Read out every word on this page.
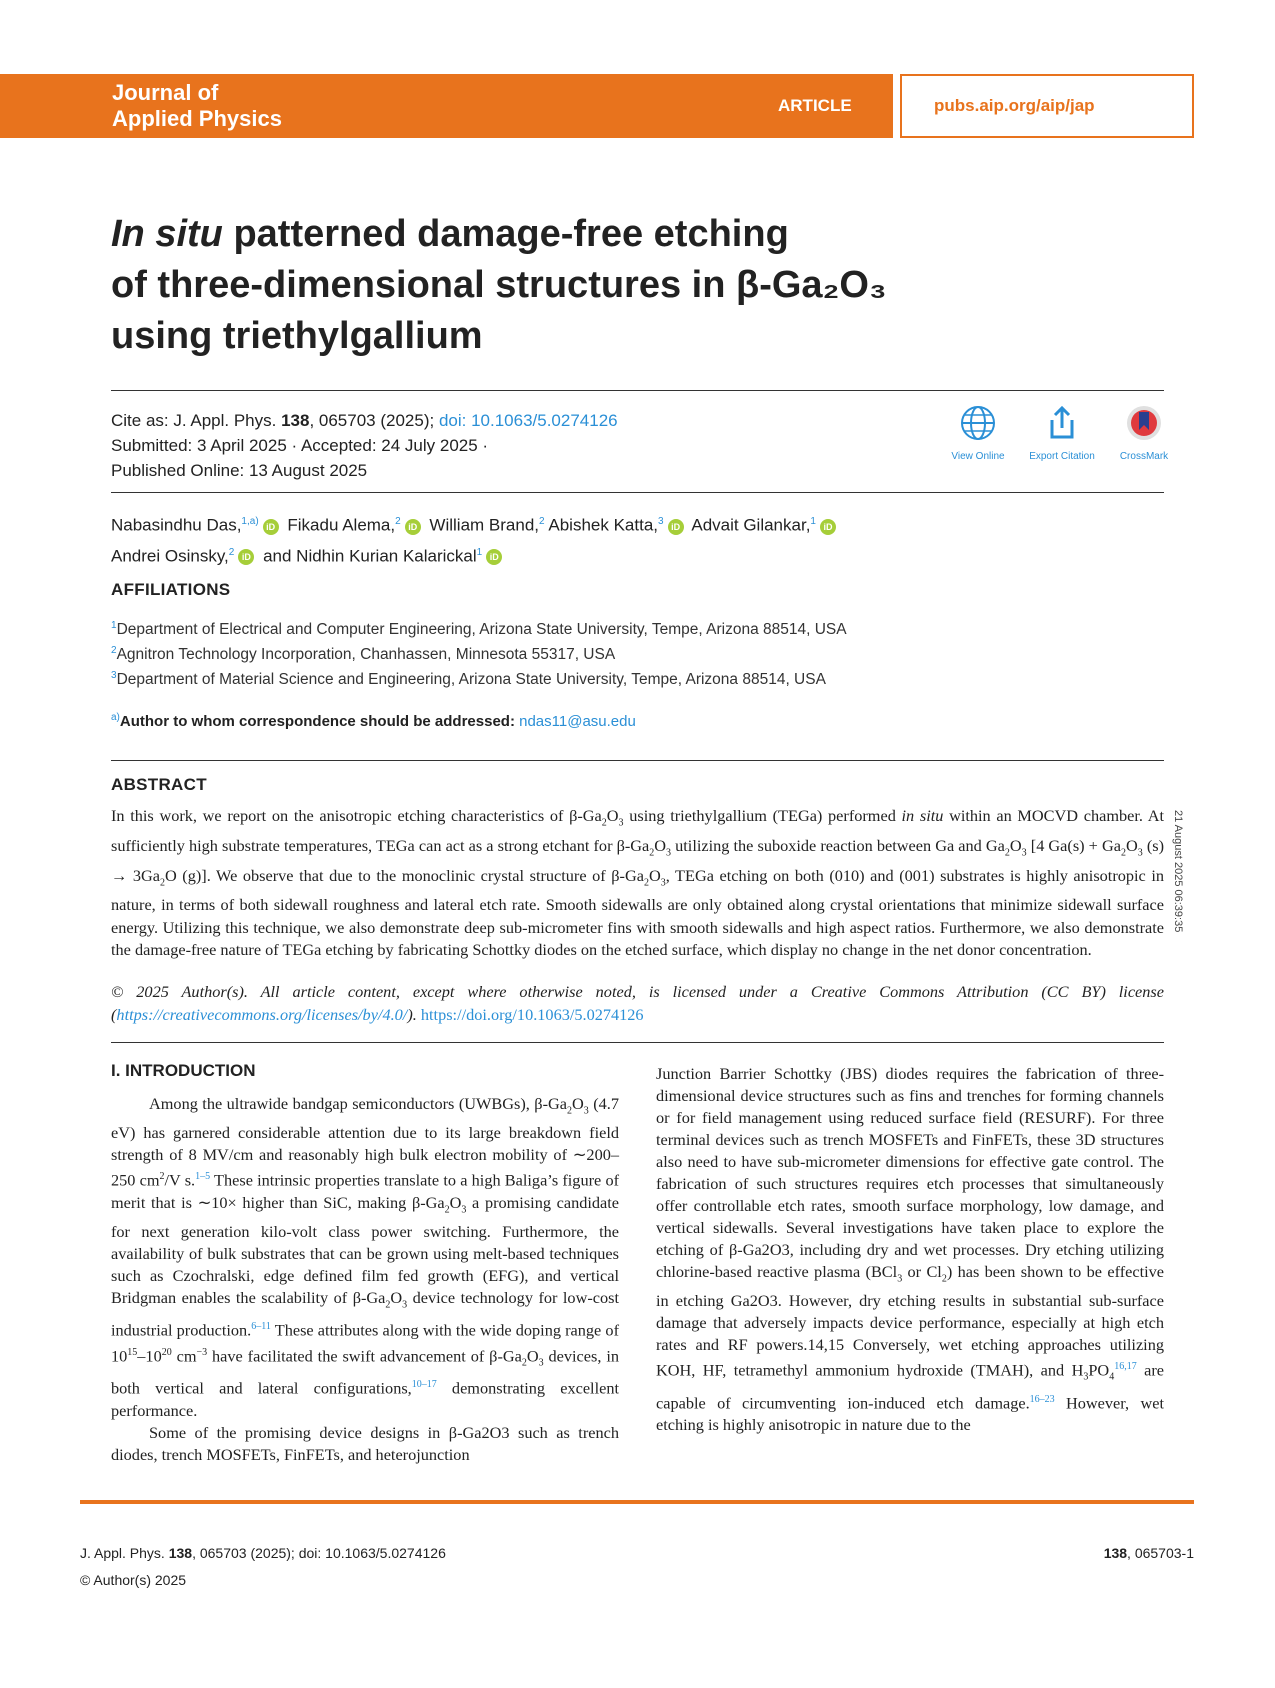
Journal of
Applied Physics
ARTICLE	pubs.aip.org/aip/jap
In situ patterned damage-free etching
of three-dimensional structures in β-Ga₂O₃
using triethylgallium
Cite as: J. Appl. Phys. 138, 065703 (2025); doi: 10.1063/5.0274126
Submitted: 3 April 2025 · Accepted: 24 July 2025 ·
Published Online: 13 August 2025
View Online	Export Citation	CrossMark
Nabasindhu Das,$^{1,a)}$ iD Fikadu Alema,$^2$ iD William Brand,$^2$ Abishek Katta,$^3$ iD Advait Gilankar,$^1$ iD
Andrei Osinsky,$^2$ iD and Nidhin Kurian Kalarickal$^1$ iD
AFFILIATIONS
$^1$Department of Electrical and Computer Engineering, Arizona State University, Tempe, Arizona 88514, USA
$^2$Agnitron Technology Incorporation, Chanhassen, Minnesota 55317, USA
$^3$Department of Material Science and Engineering, Arizona State University, Tempe, Arizona 88514, USA
$^{a)}$Author to whom correspondence should be addressed: ndas11@asu.edu
ABSTRACT
In this work, we report on the anisotropic etching characteristics of $\beta-Ga_2O_3$ using triethylgallium (TEGa) performed in situ within an MOCVD chamber. At sufficiently high substrate temperatures, TEGa can act as a strong etchant for $\beta-Ga_2O_3$ utilizing the suboxide reaction between Ga and $Ga_2O_3$ [4 $Ga(s) + Ga_2O_3$ $(s) \to 3Ga_2O$ (g)]. We observe that due to the monoclinic crystal structure of $\beta-Ga_2O_3$, TEGa etching on both (010) and (001) substrates is highly anisotropic in nature, in terms of both sidewall roughness and lateral etch rate. Smooth sidewalls are only obtained along crystal orientations that minimize sidewall surface energy. Utilizing this technique, we also demonstrate deep sub-micrometer fins with smooth sidewalls and high aspect ratios. Furthermore, we also demonstrate the damage-free nature of TEGa etching by fabricating Schottky diodes on the etched surface, which display no change in the net donor concentration.
21 August 2025 06:39:35
© 2025 Author(s). All article content, except where otherwise noted, is licensed under a Creative Commons Attribution (CC BY) license (https://creativecommons.org/licenses/by/4.0/). https://doi.org/10.1063/5.0274126
I. INTRODUCTION

Among the ultrawide bandgap semiconductors (UWBGs), $\beta-Ga_2O_3$ (4.7 eV) has garnered considerable attention due to its large breakdown field strength of 8 MV/cm and reasonably high bulk electron mobility of ∼200–250 $cm^2/V$ s.$^{1-5}$ These intrinsic properties translate to a high Baliga’s figure of merit that is ∼10× higher than SiC, making $\beta-Ga_2O_3$ a promising candidate for next generation kilo-volt class power switching. Furthermore, the availability of bulk substrates that can be grown using melt-based techniques such as Czochralski, edge defined film fed growth (EFG), and vertical Bridgman enables the scalability of $\beta-Ga_2O_3$ device technology for low-cost industrial production.$^{6-11}$ These attributes along with the wide doping range of $10^{15}-10^{20}$ $cm^{-3}$ have facilitated the swift advancement of $\beta-Ga_2O_3$ devices, in both vertical and lateral configurations,$^{10-17}$ demonstrating excellent performance.

Some of the promising device designs in β-Ga2O3 such as trench diodes, trench MOSFETs, FinFETs, and heterojunction

Junction Barrier Schottky (JBS) diodes requires the fabrication of three-dimensional device structures such as fins and trenches for forming channels or for field management using reduced surface field (RESURF). For three terminal devices such as trench MOSFETs and FinFETs, these 3D structures also need to have sub-micrometer dimensions for effective gate control. The fabrication of such structures requires etch processes that simultaneously offer controllable etch rates, smooth surface morphology, low damage, and vertical sidewalls. Several investigations have taken place to explore the etching of β-Ga2O3, including dry and wet processes. Dry etching utilizing chlorine-based reactive plasma (BCl$_3$ or $Cl_2$) has been shown to be effective in etching Ga2O3. However, dry etching results in substantial sub-surface damage that adversely impacts device performance, especially at high etch rates and RF powers.14,15 Conversely, wet etching approaches utilizing KOH, HF, tetramethyl ammonium hydroxide (TMAH), and $H_3PO_4^{16,17}$ are capable of circumventing ion-induced etch damage.$^{16-23}$ However, wet etching is highly anisotropic in nature due to the

J. Appl. Phys. 138, 065703 (2025); doi: 10.1063/5.0274126
© Author(s) 2025
138, 065703-1
